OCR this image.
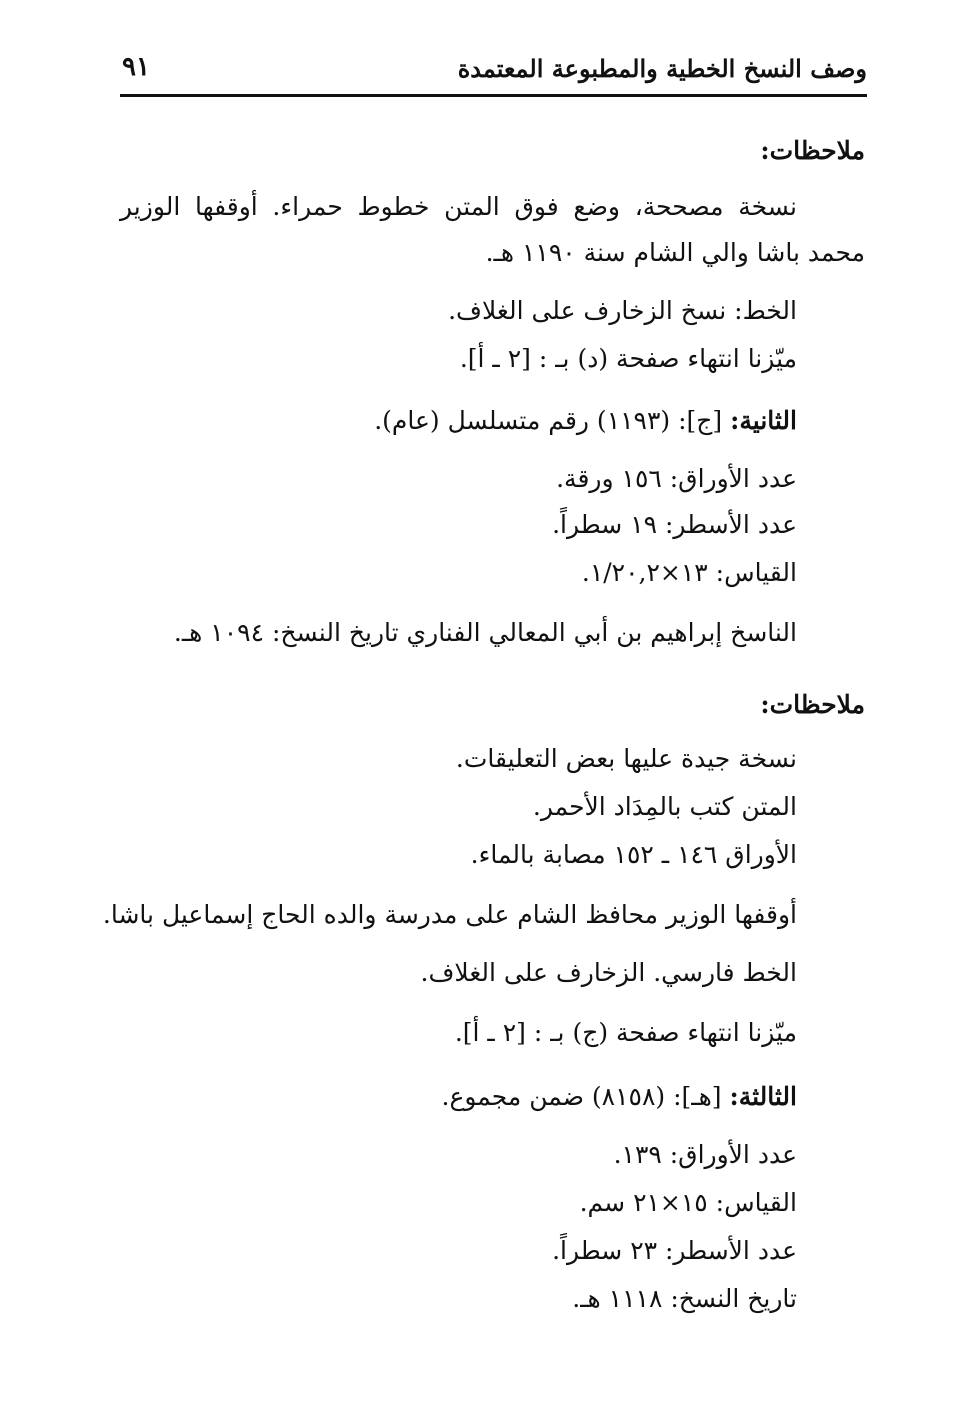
وصف النسخ الخطية والمطبوعة المعتمدة
٩١
ملاحظات:
نسخة مصححة، وضع فوق المتن خطوط حمراء. أوقفها الوزير
محمد باشا والي الشام سنة ١١٩٠ هـ.
الخط: نسخ الزخارف على الغلاف.
ميّزنا انتهاء صفحة (د) بـ : [٢ ـ أ].
الثانية: [ج]: (١١٩٣) رقم متسلسل (عام).
عدد الأوراق: ١٥٦ ورقة.
عدد الأسطر: ١٩ سطراً.
القياس: ١٣×١/٢٠,٢.
الناسخ إبراهيم بن أبي المعالي الفناري تاريخ النسخ: ١٠٩٤ هـ.
ملاحظات:
نسخة جيدة عليها بعض التعليقات.
المتن كتب بالمِدَاد الأحمر.
الأوراق ١٤٦ ـ ١٥٢ مصابة بالماء.
أوقفها الوزير محافظ الشام على مدرسة والده الحاج إسماعيل باشا.
الخط فارسي. الزخارف على الغلاف.
ميّزنا انتهاء صفحة (ج) بـ : [٢ ـ أ].
الثالثة: [هـ]: (٨١٥٨) ضمن مجموع.
عدد الأوراق: ١٣٩.
القياس: ١٥×٢١ سم.
عدد الأسطر: ٢٣ سطراً.
تاريخ النسخ: ١١١٨ هـ.
